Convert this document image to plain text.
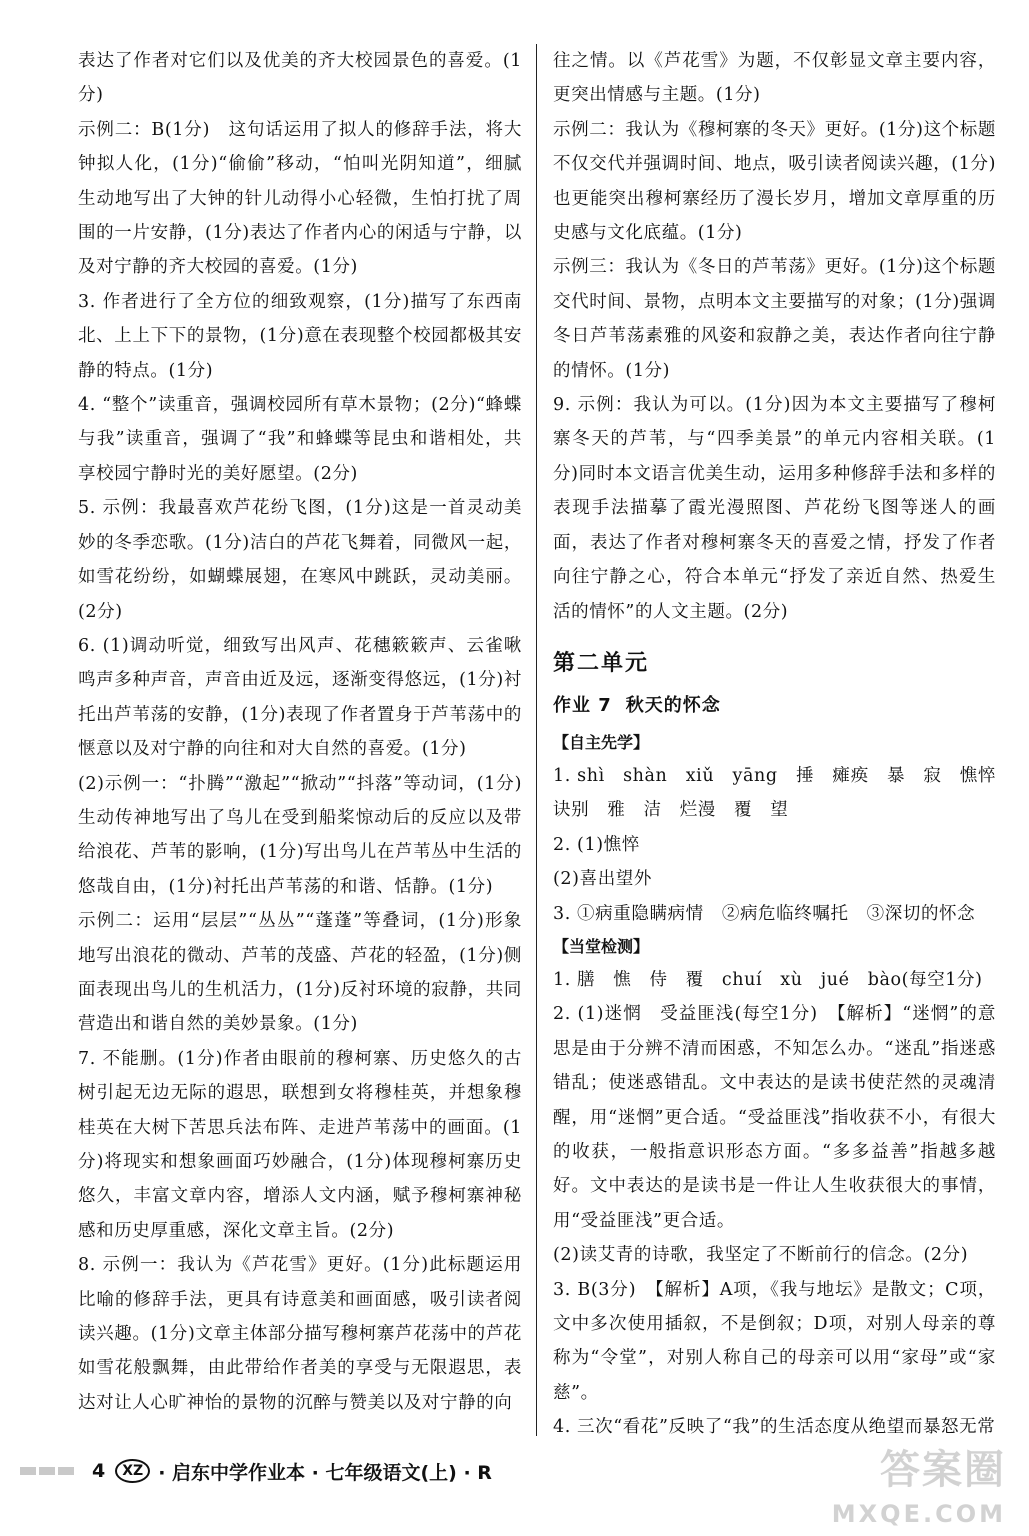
表达了作者对它们以及优美的齐大校园景色的喜爱。(1分)

示例二：B(1分)　这句话运用了拟人的修辞手法，将大钟拟人化，(1分)“偷偷”移动，“怕叫光阴知道”，细腻生动地写出了大钟的针儿动得小心轻微，生怕打扰了周围的一片安静，(1分)表达了作者内心的闲适与宁静，以及对宁静的齐大校园的喜爱。(1分)

3. 作者进行了全方位的细致观察，(1分)描写了东西南北、上上下下的景物，(1分)意在表现整个校园都极其安静的特点。(1分)

4. “整个”读重音，强调校园所有草木景物；(2分)“蜂蝶与我”读重音，强调了“我”和蜂蝶等昆虫和谐相处，共享校园宁静时光的美好愿望。(2分)

5. 示例：我最喜欢芦花纷飞图，(1分)这是一首灵动美妙的冬季恋歌。(1分)洁白的芦花飞舞着，同微风一起，如雪花纷纷，如蝴蝶展翅，在寒风中跳跃，灵动美丽。(2分)

6. (1)调动听觉，细致写出风声、花穗簌簌声、云雀啾鸣声多种声音，声音由近及远，逐渐变得悠远，(1分)衬托出芦苇荡的安静，(1分)表现了作者置身于芦苇荡中的惬意以及对宁静的向往和对大自然的喜爱。(1分)

(2)示例一：“扑腾”“激起”“掀动”“抖落”等动词，(1分)生动传神地写出了鸟儿在受到船桨惊动后的反应以及带给浪花、芦苇的影响，(1分)写出鸟儿在芦苇丛中生活的悠哉自由，(1分)衬托出芦苇荡的和谐、恬静。(1分)

示例二：运用“层层”“丛丛”“蓬蓬”等叠词，(1分)形象地写出浪花的微动、芦苇的茂盛、芦花的轻盈，(1分)侧面表现出鸟儿的生机活力，(1分)反衬环境的寂静，共同营造出和谐自然的美妙景象。(1分)

7. 不能删。(1分)作者由眼前的穆柯寨、历史悠久的古树引起无边无际的遐思，联想到女将穆桂英，并想象穆桂英在大树下苦思兵法布阵、走进芦苇荡中的画面。(1分)将现实和想象画面巧妙融合，(1分)体现穆柯寨历史悠久，丰富文章内容，增添人文内涵，赋予穆柯寨神秘感和历史厚重感，深化文章主旨。(2分)

8. 示例一：我认为《芦花雪》更好。(1分)此标题运用比喻的修辞手法，更具有诗意美和画面感，吸引读者阅读兴趣。(1分)文章主体部分描写穆柯寨芦花荡中的芦花如雪花般飘舞，由此带给作者美的享受与无限遐思，表达对让人心旷神怡的景物的沉醉与赞美以及对宁静的向

往之情。以《芦花雪》为题，不仅彰显文章主要内容，更突出情感与主题。(1分)

示例二：我认为《穆柯寨的冬天》更好。(1分)这个标题不仅交代并强调时间、地点，吸引读者阅读兴趣，(1分)也更能突出穆柯寨经历了漫长岁月，增加文章厚重的历史感与文化底蕴。(1分)

示例三：我认为《冬日的芦苇荡》更好。(1分)这个标题交代时间、景物，点明本文主要描写的对象；(1分)强调冬日芦苇荡素雅的风姿和寂静之美，表达作者向往宁静的情怀。(1分)

9. 示例：我认为可以。(1分)因为本文主要描写了穆柯寨冬天的芦苇，与“四季美景”的单元内容相关联。(1分)同时本文语言优美生动，运用多种修辞手法和多样的表现手法描摹了霞光漫照图、芦花纷飞图等迷人的画面，表达了作者对穆柯寨冬天的喜爱之情，抒发了作者向往宁静之心，符合本单元“抒发了亲近自然、热爱生活的情怀”的人文主题。(2分)

第二单元
作业 7 秋天的怀念
【自主先学】

1. shì　shàn　xiǔ　yāng　捶　瘫痪　暴　寂　憔悴　诀别　雅　洁　烂漫　覆　望

2. (1)憔悴

(2)喜出望外

3. ①病重隐瞒病情　②病危临终嘱托　③深切的怀念

【当堂检测】

1. 膳　憔　侍　覆　chuí　xù　jué　bào(每空1分)

2. (1)迷惘　受益匪浅(每空1分)　【解析】“迷惘”的意思是由于分辨不清而困惑，不知怎么办。“迷乱”指迷惑错乱；使迷惑错乱。文中表达的是读书使茫然的灵魂清醒，用“迷惘”更合适。“受益匪浅”指收获不小，有很大的收获，一般指意识形态方面。“多多益善”指越多越好。文中表达的是读书是一件让人生收获很大的事情，用“受益匪浅”更合适。

(2)读艾青的诗歌，我坚定了不断前行的信念。(2分)

3. B(3分)　【解析】A项，《我与地坛》是散文；C项，文中多次使用插叙，不是倒叙；D项，对别人母亲的尊称为“令堂”，对别人称自己的母亲可以用“家母”或“家慈”。

4. 三次“看花”反映了“我”的生活态度从绝望而暴怒无常

4	XZ · 启东中学作业本 · 七年级语文(上) · R	答案圈
MXQE.COM
